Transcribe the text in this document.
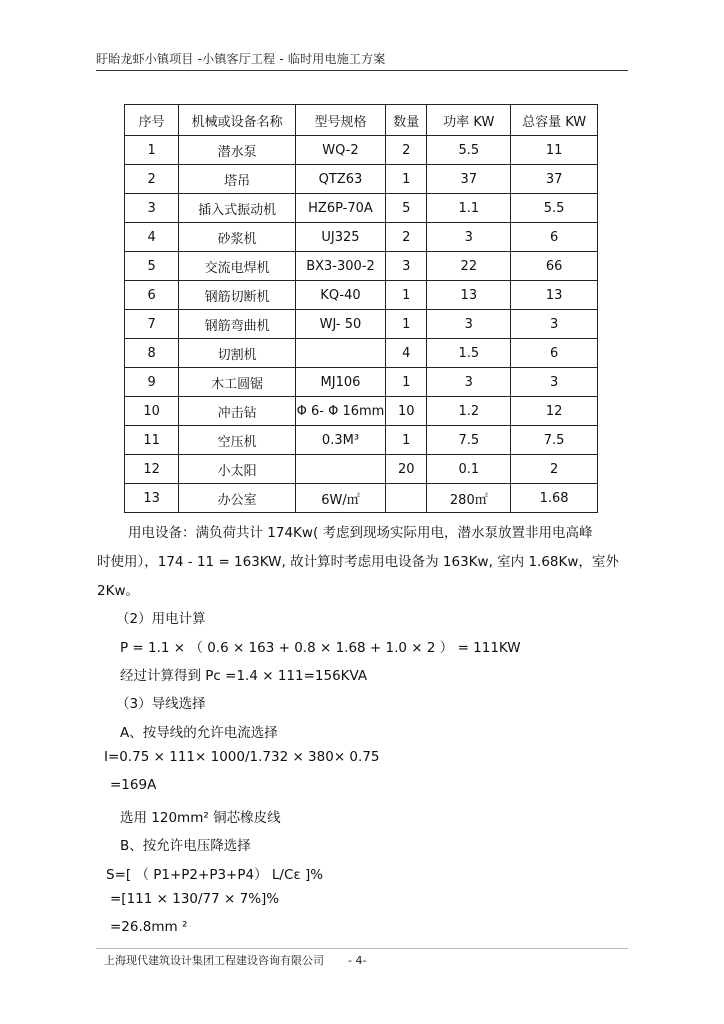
盱眙龙虾小镇项目 -小镇客厅工程 - 临时用电施工方案
序号	机械或设备名称	型号规格	数量	功率 KW	总容量 KW
1	潜水泵	WQ-2	2	5.5	11
2	塔吊	QTZ63	1	37	37
3	插入式振动机	HZ6P-70A	5	1.1	5.5
4	砂浆机	UJ325	2	3	6
5	交流电焊机	BX3-300-2	3	22	66
6	钢筋切断机	KQ-40	1	13	13
7	钢筋弯曲机	WJ- 50	1	3	3
8	切割机		4	1.5	6
9	木工圆锯	MJ106	1	3	3
10	冲击钻	Φ 6- Φ 16mm	10	1.2	12
11	空压机	0.3M³	1	7.5	7.5
12	小太阳		20	0.1	2
13	办公室	6W/㎡		280㎡	1.68
用电设备：满负荷共计 174Kw( 考虑到现场实际用电，潜水泵放置非用电高峰
时使用），174 - 11 = 163KW, 故计算时考虑用电设备为 163Kw, 室内 1.68Kw，室外
2Kw。
（2）用电计算
P = 1.1 × （ 0.6 × 163 + 0.8 × 1.68 + 1.0 × 2 ） = 111KW
经过计算得到 Pc =1.4 × 111=156KVA
（3）导线选择
A、按导线的允许电流选择
I=0.75 × 111× 1000/1.732 × 380× 0.75
=169A
选用 120mm² 铜芯橡皮线
B、按允许电压降选择
S=[ （ P1+P2+P3+P4） L/Cε ]%
=[111 × 130/77 × 7%]%
=26.8mm ²
上海现代建筑设计集团工程建设咨询有限公司 - 4-
